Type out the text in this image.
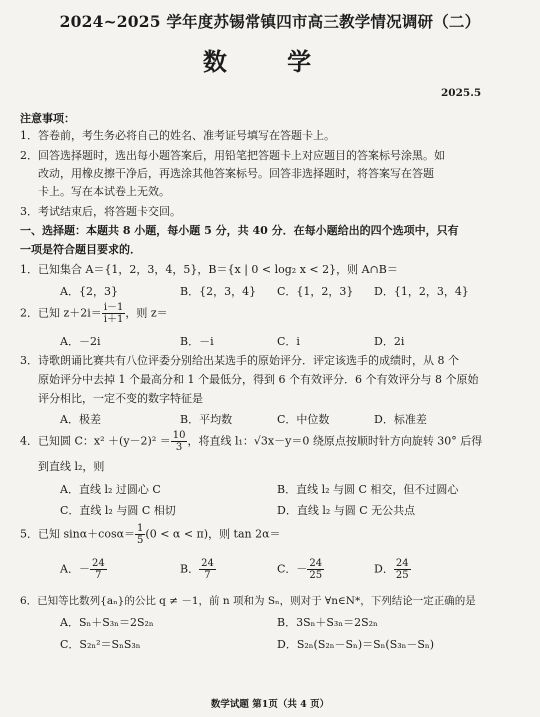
2024~2025 学年度苏锡常镇四市高三教学情况调研（二）
数 学
2025.5
注意事项：
1．答卷前，考生务必将自己的姓名、准考证号填写在答题卡上。
2．回答选择题时，选出每小题答案后，用铅笔把答题卡上对应题目的答案标号涂黑。如
改动，用橡皮擦干净后，再选涂其他答案标号。回答非选择题时，将答案写在答题
卡上。写在本试卷上无效。
3．考试结束后，将答题卡交回。
一、选择题：本题共 8 小题，每小题 5 分，共 40 分．在每小题给出的四个选项中，只有
一项是符合题目要求的．
1．已知集合 A＝{1，2，3，4，5}，B＝{x | 0 < log₂ x < 2}，则 A∩B＝
A．{2，3}	B．{2，3，4} C．{1，2，3} D．{1，2，3，4}
2．已知 $z+2i= \frac{i-1}{i+1}$ ，则 z＝
A．－2i	B．－i	C．i	D．2i
3．诗歌朗诵比赛共有八位评委分别给出某选手的原始评分．评定该选手的成绩时，从 8 个
原始评分中去掉 1 个最高分和 1 个最低分，得到 6 个有效评分．6 个有效评分与 8 个原始
评分相比，一定不变的数字特征是
A．极差	B．平均数	C．中位数	D．标准差
4．已知圆 C：$x^2 +(y-2)^2 = \frac{10}{3}$ ，将直线 l₁：√3x－y＝0 绕原点按顺时针方向旋转 30° 后得
到直线 l₂，则
A．直线 l₂ 过圆心 C	B．直线 l₂ 与圆 C 相交，但不过圆心
C．直线 l₂ 与圆 C 相切	D．直线 l₂ 与圆 C 无公共点
5．已知 $\sin\alpha+\cos\alpha= \frac{1}{5} (0 < \alpha < \pi)$，则 tan 2α＝
A．－ $\frac{24}{7}$	B． $\frac{24}{7}$	C．－ $\frac{24}{25}$	D． $\frac{24}{25}$
6．已知等比数列{aₙ}的公比 q ≠ －1，前 n 项和为 Sₙ，则对于 ∀n∈N*，下列结论一定正确的是
A．Sₙ＋S₃ₙ＝2S₂ₙ	B．3Sₙ＋S₃ₙ＝2S₂ₙ
C．S₂ₙ²＝SₙS₃ₙ	D．S₂ₙ(S₂ₙ－Sₙ)＝Sₙ(S₃ₙ－Sₙ)
数学试题 第1页（共 4 页）
